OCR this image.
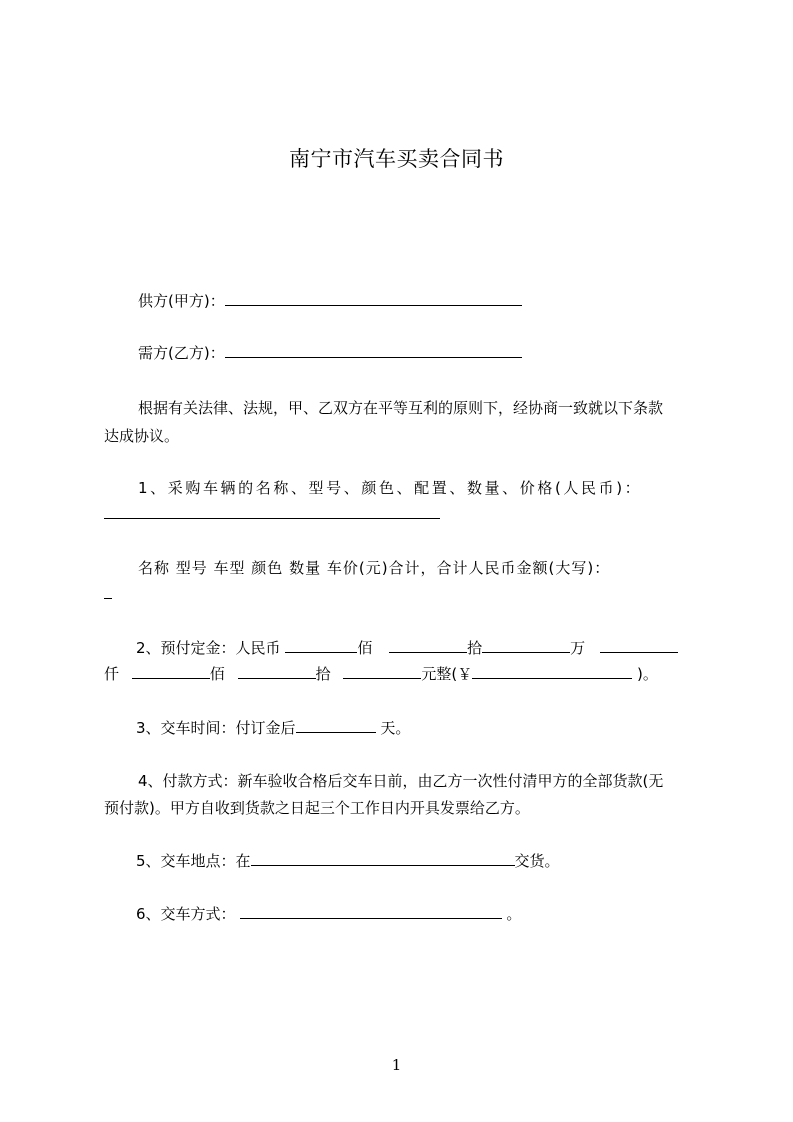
南宁市汽车买卖合同书
供方(甲方)：
需方(乙方)：
根据有关法律、法规，甲、乙双方在平等互利的原则下，经协商一致就以下条款
达成协议。
1、采购车辆的名称、型号、颜色、配置、数量、价格(人民币)：
名称 型号 车型 颜色 数量 车价(元)合计，合计人民币金额(大写)：
2、预付定金：人民币	佰	拾	万
仟	佰	拾	元整(￥	)。
3、交车时间：付订金后	天。
4、付款方式：新车验收合格后交车日前，由乙方一次性付清甲方的全部货款(无
预付款)。甲方自收到货款之日起三个工作日内开具发票给乙方。
5、交车地点：在	交货。
6、交车方式：	。
1
